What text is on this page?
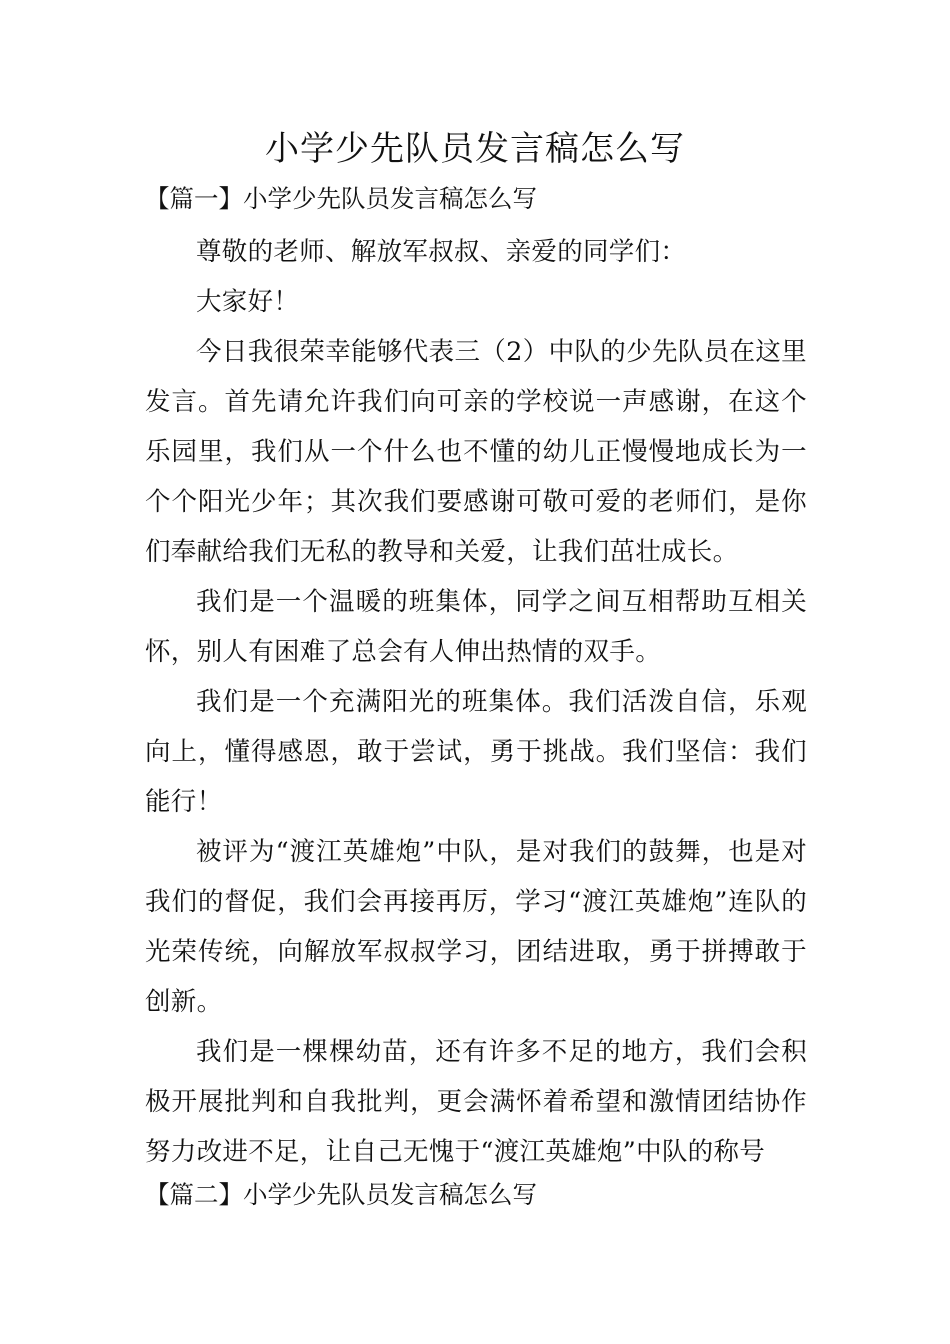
小学少先队员发言稿怎么写
【篇一】小学少先队员发言稿怎么写

尊敬的老师、解放军叔叔、亲爱的同学们：

大家好！

今日我很荣幸能够代表三（2）中队的少先队员在这里发言。首先请允许我们向可亲的学校说一声感谢，在这个乐园里，我们从一个什么也不懂的幼儿正慢慢地成长为一个个阳光少年；其次我们要感谢可敬可爱的老师们，是你们奉献给我们无私的教导和关爱，让我们茁壮成长。

我们是一个温暖的班集体，同学之间互相帮助互相关怀，别人有困难了总会有人伸出热情的双手。

我们是一个充满阳光的班集体。我们活泼自信，乐观向上，懂得感恩，敢于尝试，勇于挑战。我们坚信：我们能行！

被评为“渡江英雄炮”中队，是对我们的鼓舞，也是对我们的督促，我们会再接再厉，学习“渡江英雄炮”连队的光荣传统，向解放军叔叔学习，团结进取，勇于拼搏敢于创新。

我们是一棵棵幼苗，还有许多不足的地方，我们会积极开展批判和自我批判，更会满怀着希望和激情团结协作努力改进不足，让自己无愧于“渡江英雄炮”中队的称号

【篇二】小学少先队员发言稿怎么写
